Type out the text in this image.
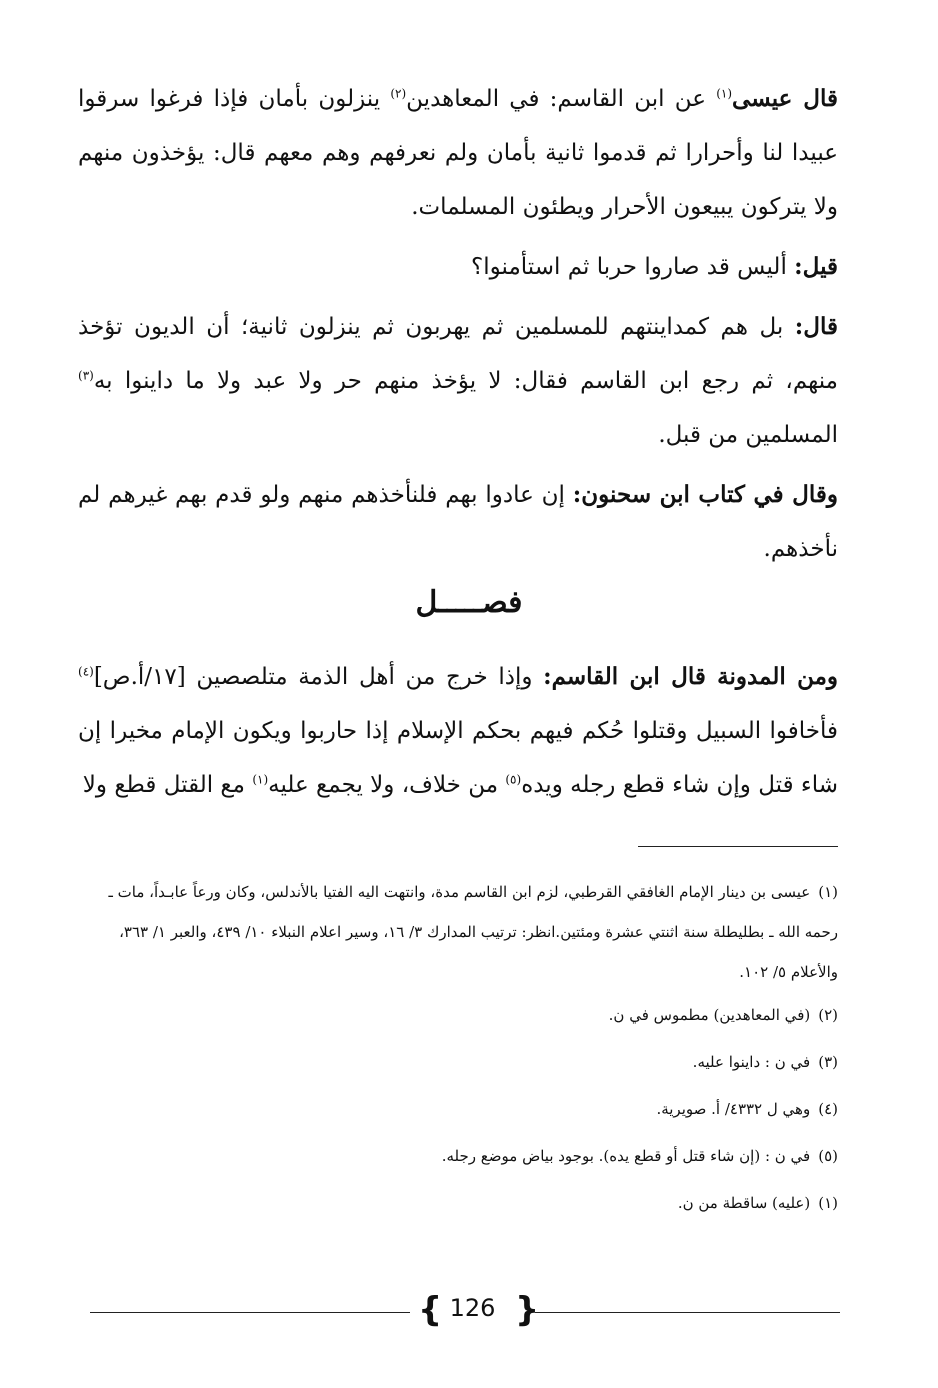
قال عيسى$^{(١)}$ عن ابن القاسم: في المعاهدين$^{(٢)}$ ينزلون بأمان فإذا فرغوا سرقوا عبيدا لنا وأحرارا ثم قدموا ثانية بأمان ولم نعرفهم وهم معهم قال: يؤخذون منهم ولا يتركون يبيعون الأحرار ويطئون المسلمات.

قيل: أليس قد صاروا حربا ثم استأمنوا؟

قال: بل هم كمداينتهم للمسلمين ثم يهربون ثم ينزلون ثانية؛ أن الديون تؤخذ منهم، ثم رجع ابن القاسم فقال: لا يؤخذ منهم حر ولا عبد ولا ما داينوا به$^{(٣)}$ المسلمين من قبل.

وقال في كتاب ابن سحنون: إن عادوا بهم فلنأخذهم منهم ولو قدم بهم غيرهم لم نأخذهم.

فصـــــل

ومن المدونة قال ابن القاسم: وإذا خرج من أهل الذمة متلصصين [١٧/أ.ص]$^{(٤)}$ فأخافوا السبيل وقتلوا حُكم فيهم بحكم الإسلام إذا حاربوا ويكون الإمام مخيرا إن شاء قتل وإن شاء قطع رجله ويده$^{(٥)}$ من خلاف، ولا يجمع عليه$^{(١)}$ مع القتل قطع ولا

(١)عيسى بن دينار الإمام الغافقي القرطبي، لزم ابن القاسم مدة، وانتهت اليه الفتيا بالأندلس، وكان ورعاً عابـداً، مات ـ رحمه الله ـ بطليطلة سنة اثنتي عشرة ومئتين.انظر: ترتيب المدارك ٣/ ١٦، وسير اعلام النبلاء ١٠/ ٤٣٩، والعبر ١/ ٣٦٣، والأعلام ٥/ ١٠٢.

(٢)(في المعاهدين) مطموس في ن.

(٣)في ن : داينوا عليه.

(٤)وهي ل ٤٣٣٢/ أ. صويرية.

(٥)في ن : (إن شاء قتل أو قطع يده). بوجود بياض موضع رجله.

(١)(عليه) ساقطة من ن.

{ 126 }
